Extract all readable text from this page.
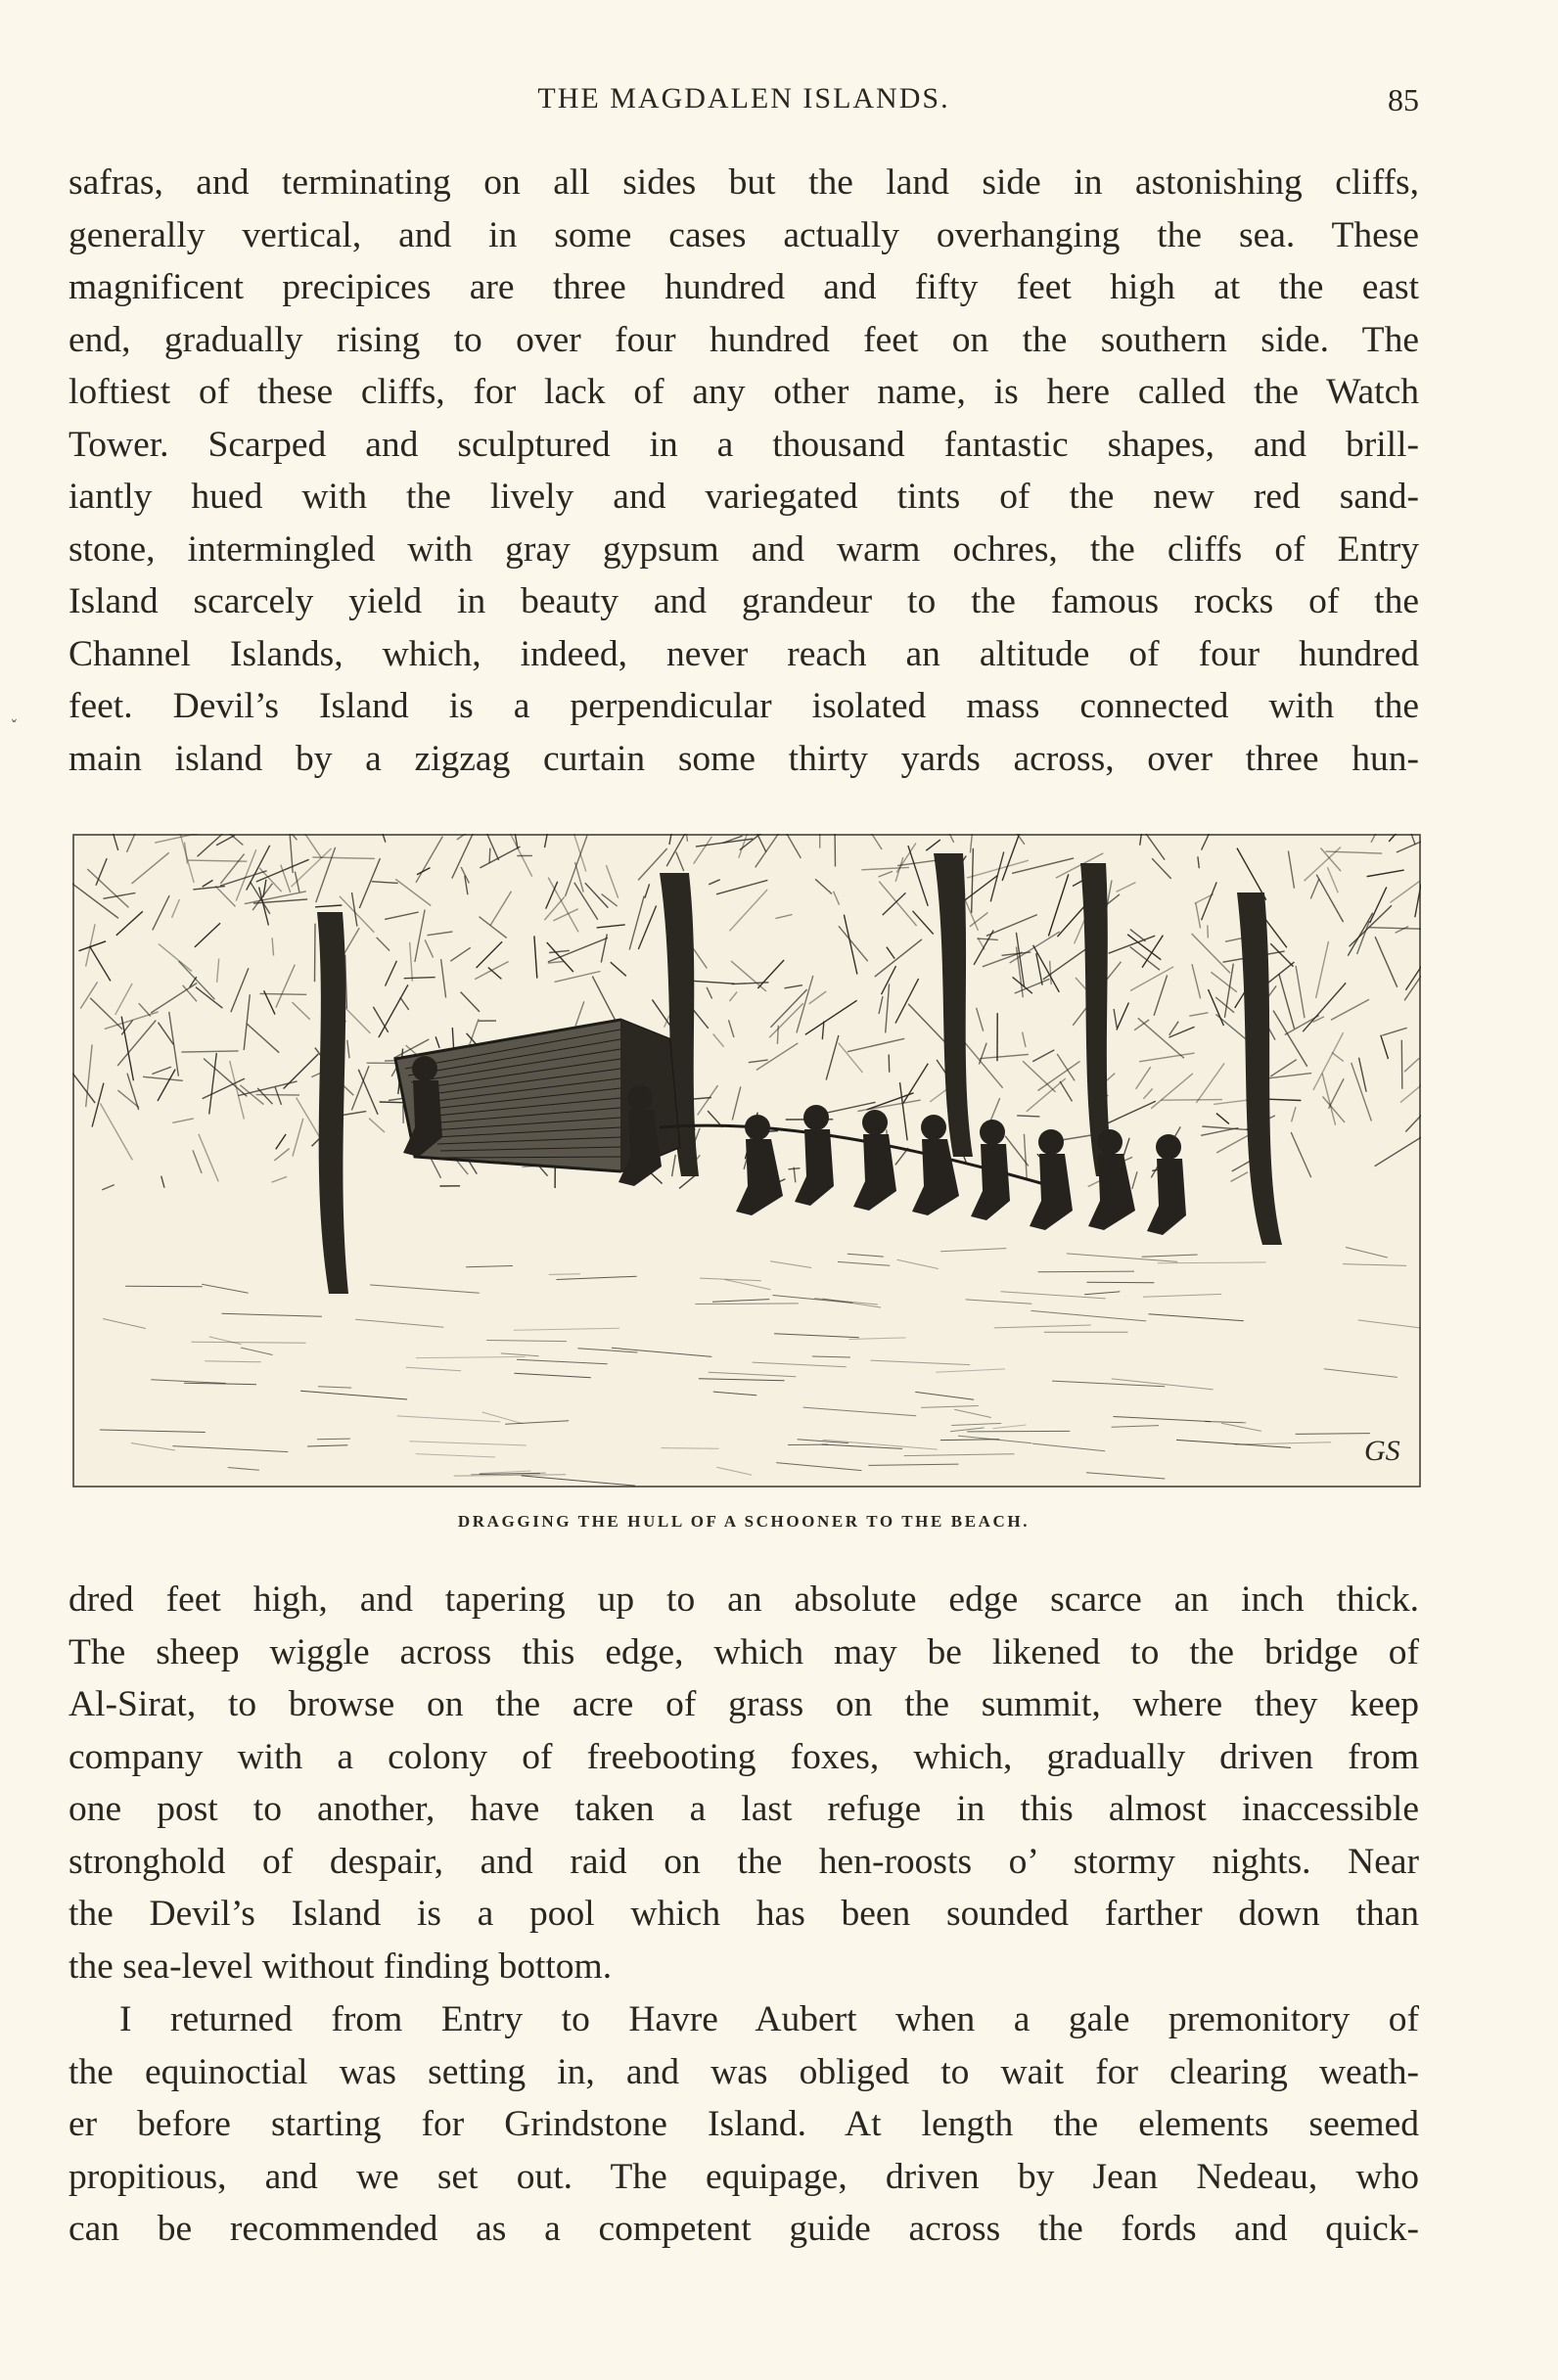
THE MAGDALEN ISLANDS.	85
˯
safras, and terminating on all sides but the land side in astonishing cliffs,
generally vertical, and in some cases actually overhanging the sea. These
magnificent precipices are three hundred and fifty feet high at the east
end, gradually rising to over four hundred feet on the southern side. The
loftiest of these cliffs, for lack of any other name, is here called the Watch
Tower. Scarped and sculptured in a thousand fantastic shapes, and brill-
iantly hued with the lively and variegated tints of the new red sand-
stone, intermingled with gray gypsum and warm ochres, the cliffs of Entry
Island scarcely yield in beauty and grandeur to the famous rocks of the
Channel Islands, which, indeed, never reach an altitude of four hundred
feet. Devil’s Island is a perpendicular isolated mass connected with the
main island by a zigzag curtain some thirty yards across, over three hun-
GS
DRAGGING THE HULL OF A SCHOONER TO THE BEACH.
dred feet high, and tapering up to an absolute edge scarce an inch thick.
The sheep wiggle across this edge, which may be likened to the bridge of
Al-Sirat, to browse on the acre of grass on the summit, where they keep
company with a colony of freebooting foxes, which, gradually driven from
one post to another, have taken a last refuge in this almost inaccessible
stronghold of despair, and raid on the hen-roosts o’ stormy nights. Near
the Devil’s Island is a pool which has been sounded farther down than
the sea-level without finding bottom.
I returned from Entry to Havre Aubert when a gale premonitory of
the equinoctial was setting in, and was obliged to wait for clearing weath-
er before starting for Grindstone Island. At length the elements seemed
propitious, and we set out. The equipage, driven by Jean Nedeau, who
can be recommended as a competent guide across the fords and quick-
